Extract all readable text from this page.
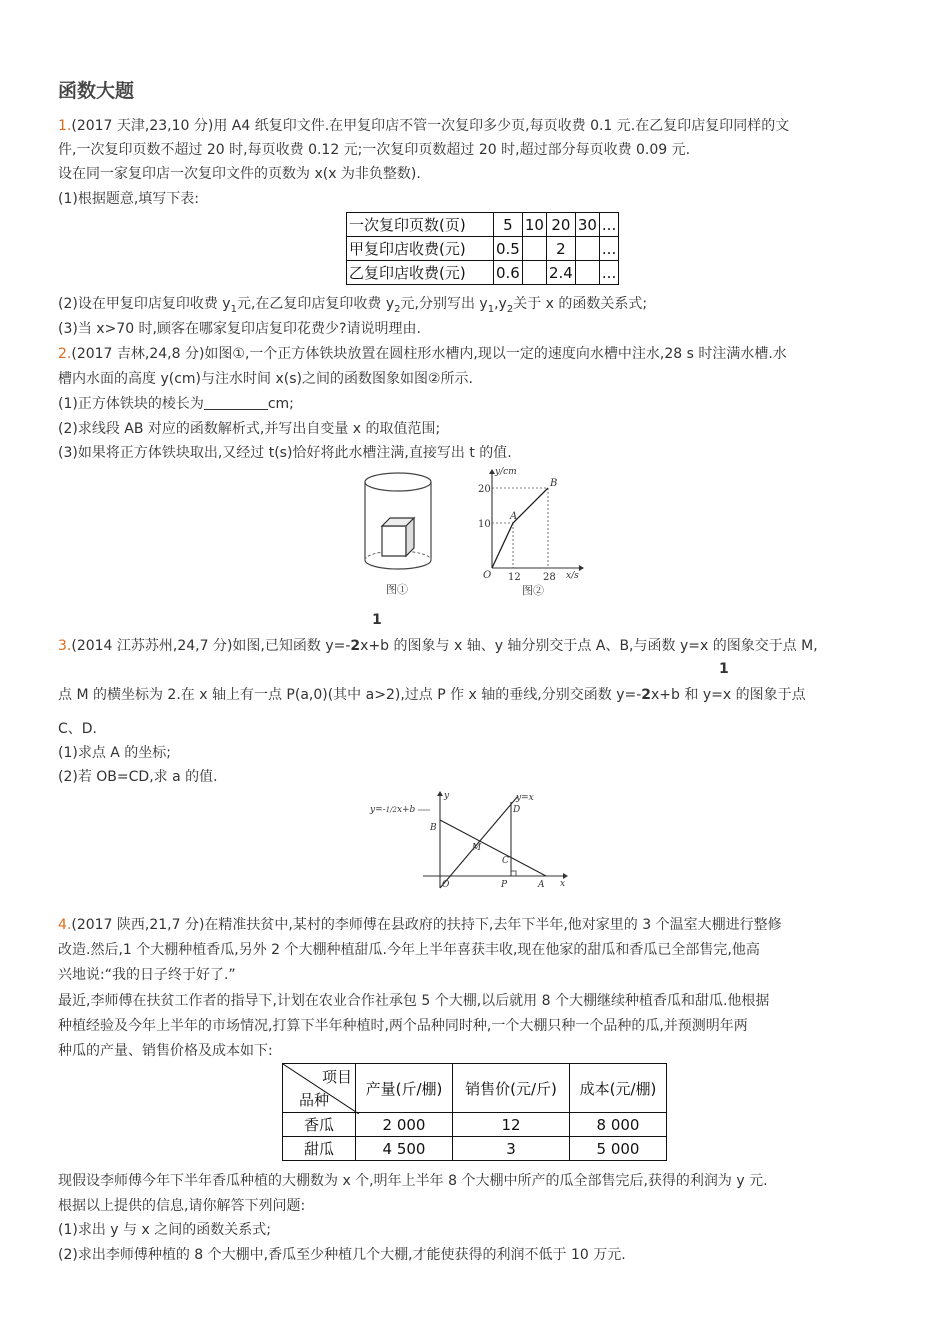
函数大题
1.(2017 天津,23,10 分)用 A4 纸复印文件.在甲复印店不管一次复印多少页,每页收费 0.1 元.在乙复印店复印同样的文
件,一次复印页数不超过 20 时,每页收费 0.12 元;一次复印页数超过 20 时,超过部分每页收费 0.09 元.
设在同一家复印店一次复印文件的页数为 x(x 为非负整数).
(1)根据题意,填写下表:
一次复印页数(页)	5	10	20	30	...
甲复印店收费(元)	0.5		2		...
乙复印店收费(元)	0.6		2.4		...
(2)设在甲复印店复印收费 $y_1$元,在乙复印店复印收费 $y_2$元,分别写出 $y_1,y_2$关于 x 的函数关系式;
(3)当 x>70 时,顾客在哪家复印店复印花费少?请说明理由.
2.(2017 吉林,24,8 分)如图①,一个正方体铁块放置在圆柱形水槽内,现以一定的速度向水槽中注水,28 s 时注满水槽.水
槽内水面的高度 y(cm)与注水时间 x(s)之间的函数图象如图②所示.
(1)正方体铁块的棱长为	cm;
(2)求线段 AB 对应的函数解析式,并写出自变量 x 的取值范围;
(3)如果将正方体铁块取出,又经过 t(s)恰好将此水槽注满,直接写出 t 的值.
图①
y/cm
x/s
20
10
O 12 28
A
B
图②
1
3.(2014 江苏苏州,24,7 分)如图,已知函数 y=-2x+b 的图象与 x 轴、y 轴分别交于点 A、B,与函数 y=x 的图象交于点 M,
1
点 M 的横坐标为 2.在 x 轴上有一点 P(a,0)(其中 a>2),过点 P 作 x 轴的垂线,分别交函数 y=-2x+b 和 y=x 的图象于点
C、D.
(1)求点 A 的坐标;
(2)若 OB=CD,求 a 的值.
y=-1/2x+b
y=x
y
x
O	P	A
B
C
D
M
4.(2017 陕西,21,7 分)在精准扶贫中,某村的李师傅在县政府的扶持下,去年下半年,他对家里的 3 个温室大棚进行整修
改造.然后,1 个大棚种植香瓜,另外 2 个大棚种植甜瓜.今年上半年喜获丰收,现在他家的甜瓜和香瓜已全部售完,他高
兴地说:“我的日子终于好了.”
最近,李师傅在扶贫工作者的指导下,计划在农业合作社承包 5 个大棚,以后就用 8 个大棚继续种植香瓜和甜瓜.他根据
种植经验及今年上半年的市场情况,打算下半年种植时,两个品种同时种,一个大棚只种一个品种的瓜,并预测明年两
种瓜的产量、销售价格及成本如下:
项目
品种	产量(斤/棚)	销售价(元/斤)	成本(元/棚)
香瓜	2 000	12	8 000
甜瓜	4 500	3	5 000
现假设李师傅今年下半年香瓜种植的大棚数为 x 个,明年上半年 8 个大棚中所产的瓜全部售完后,获得的利润为 y 元.
根据以上提供的信息,请你解答下列问题:
(1)求出 y 与 x 之间的函数关系式;
(2)求出李师傅种植的 8 个大棚中,香瓜至少种植几个大棚,才能使获得的利润不低于 10 万元.
